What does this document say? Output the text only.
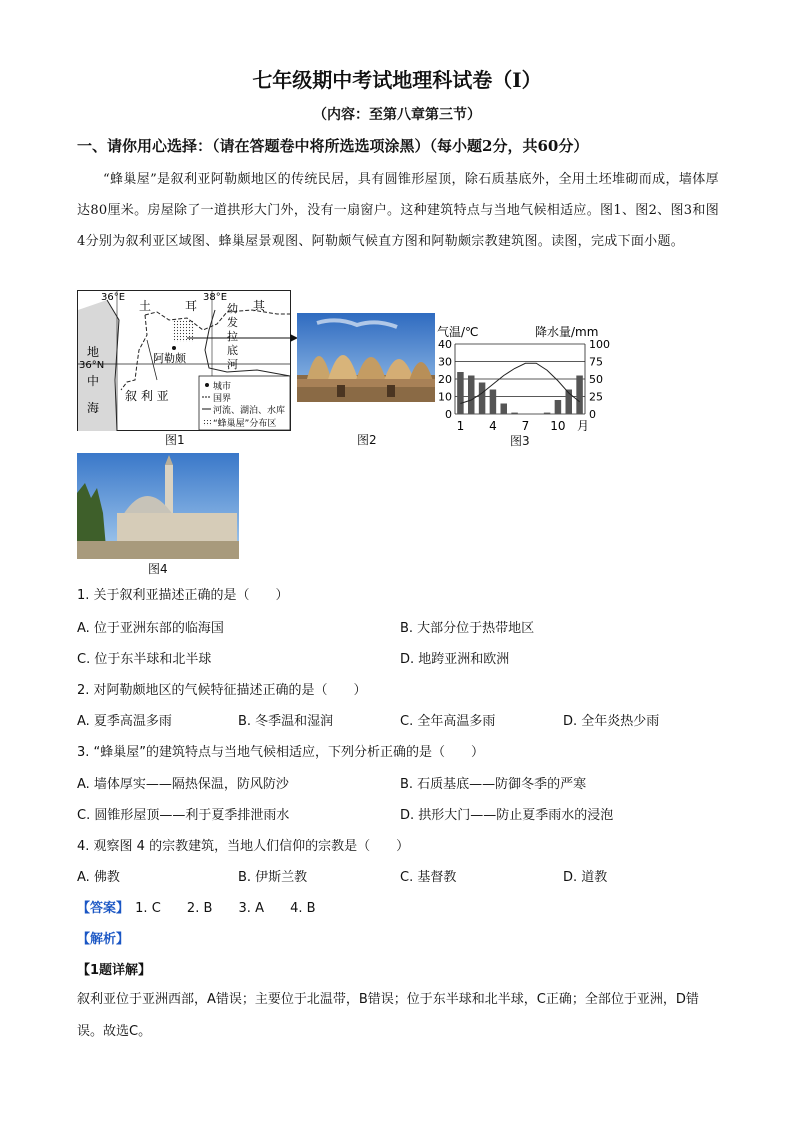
七年级期中考试地理科试卷（I）
（内容：至第八章第三节）
一、请你用心选择：（请在答题卷中将所选选项涂黑）（每小题2分，共60分）

“蜂巢屋”是叙利亚阿勒颇地区的传统民居，具有圆锥形屋顶，除石质基底外，全用土坯堆砌而成，墙体厚达80厘米。房屋除了一道拱形大门外，没有一扇窗户。这种建筑特点与当地气候相适应。图1、图2、图3和图4分别为叙利亚区域图、蜂巢屋景观图、阿勒颇气候直方图和阿勒颇宗教建筑图。读图，完成下面小题。

36°E	38°E
36°N
土	耳	其
幼
发
拉
底
河
地
中
海
阿勒颇
叙 利 亚
城市
国界
河流、湖泊、水库
“蜂巢屋”分布区
图1	图2
气温/℃	降水量/mm
0
10
20
30
40
0
25
50
75
100
1 4 7 10 月
图3
图4
1. 关于叙利亚描述正确的是（　　）
A. 位于亚洲东部的临海国	B. 大部分位于热带地区
C. 位于东半球和北半球	D. 地跨亚洲和欧洲
2. 对阿勒颇地区的气候特征描述正确的是（　　）
A. 夏季高温多雨	B. 冬季温和湿润	C. 全年高温多雨	D. 全年炎热少雨
3. “蜂巢屋”的建筑特点与当地气候相适应，下列分析正确的是（　　）
A. 墙体厚实——隔热保温，防风防沙	B. 石质基底——防御冬季的严寒
C. 圆锥形屋顶——利于夏季排泄雨水	D. 拱形大门——防止夏季雨水的浸泡
4. 观察图 4 的宗教建筑，当地人们信仰的宗教是（　　）
A. 佛教	B. 伊斯兰教	C. 基督教	D. 道教
【答案】 1. C 2. B 3. A 4. B
【解析】
【1题详解】
叙利亚位于亚洲西部，A错误；主要位于北温带，B错误；位于东半球和北半球，C正确；全部位于亚洲，D错误。故选C。
